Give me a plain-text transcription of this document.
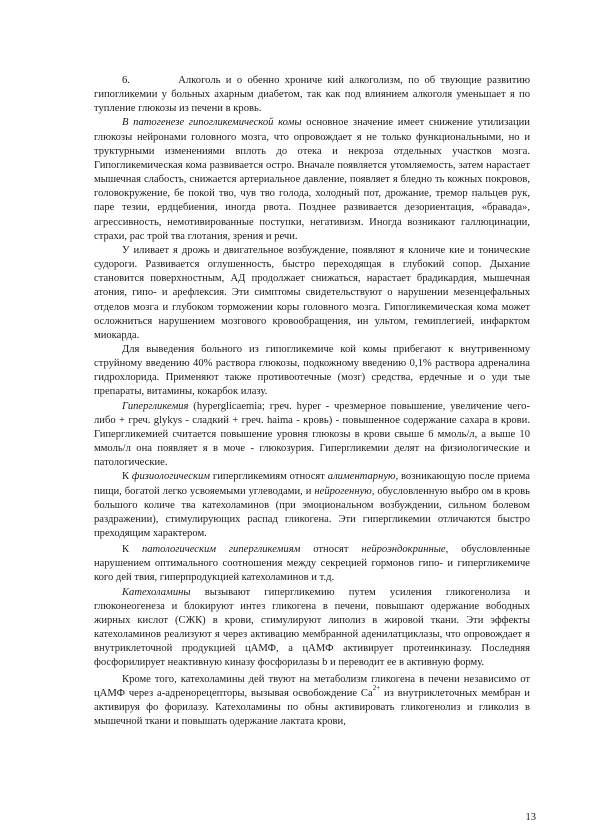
6.         Алкоголь и о обенно хрониче кий алкоголизм, по об твующие развитию гипогликемии у больных ахарным диабетом, так как под влиянием алкоголя уменьшает я по тупление глюкозы из печени в кровь.

В патогенезе гипогликемической комы основное значение имеет снижение утилизации глюкозы нейронами головного мозга, что опровождает я не только функциональными, но и труктурными изменениями вплоть до отека и некроза отдельных участков мозга. Гипогликемическая кома развивается остро. Вначале появляется утомляемость, затем нарастает мышечная слабость, снижается артериальное давление, появляет я бледно ть кожных покровов, головокружение, бе покой тво, чув тво голода, холодный пот, дрожание, тремор пальцев рук, паре тезии, ердцебиения, иногда рвота. Позднее развивается дезориентация, «бравада», агрессивность, немотивированные поступки, негативизм. Иногда возникают галлюцинации, страхи, рас трой тва глотания, зрения и речи.

У иливаeт я дрожь и двигательное возбуждение, появляют я клониче кие и тонические судороги. Развивается оглушенность, быстро переходящая в глубокий сопор. Дыхание становится поверхностным, АД продолжает снижаться, нарастает брадикардия, мышечная атония, гипо- и арефлексия. Эти симптомы свидетельствуют о нарушении мезенцефальных отделов мозга и глубоком торможении коры головного мозга. Гипогликемическая кома может осложниться нарушением мозгового кровообращения, ин ультом, гемиплегией, инфарктом миокарда.

Для выведения больного из гипогликемиче кой комы прибегают к внутривенному струйному введению 40% раствора глюкозы, подкожному введению 0,1% раствора адреналина гидрохлорида. Применяют также противоотечные (мозг) средства, ердечные и о уди тые препараты, витамины, кокарбок илазу.

Гипергликемия (hyperglicaemia; греч. hyper - чрезмерное повышение, увеличение чего-либо + греч. glykys - сладкий + греч. haima - кровь) - повышенное содержание сахара в крови. Гипергликемией считается повышение уровня глюкозы в крови свыше 6 ммоль/л, а выше 10 ммоль/л она появляет я в моче - глюкозурия. Гипергликемии делят на физиологические и патологические.

К физиологическим гипергликемиям относят алиментарную, возникающую после приема пищи, богатой легко усвояемыми углеводами, и нейрогенную, обусловленную выбро ом в кровь большого количе тва катехоламинов (при эмоциональном возбуждении, сильном болевом раздражении), стимулирующих распад гликогена. Эти гипергликемии отличаются быстро преходящим характером.

К патологическим гипергликемиям относят нейроэндокринные, обусловленные нарушением оптимального соотношения между секрецией гормонов гипо- и гипергликемиче кого дей твия, гиперпродукцией катехоламинов и т.д.

Катехоламины вызывают гипергликемию путем усиления гликогенолиза и глюконеогенеза и блокируют интез гликогена в печени, повышают одержание вободных жирных кислот (СЖК) в крови, стимулируют липолиз в жировой ткани. Эти эффекты катехоламинов реализуют я через активацию мембранной аденилатциклазы, что опровождает я внутриклеточной продукцией цАМФ, а цАМФ активирует протеинкиназу. Последняя фосфорилирует неактивную киназу фосфорилазы b и переводит ее в активную форму.

Кроме того, катехоламины дей твуют на метаболизм гликогена в печени независимо от цАМФ через а-адренорецепторы, вызывая освобождение $Ca^{2+}$ из внутриклеточных мембран и активируя фо форилазу. Катехоламины по обны активировать гликогенолиз и гликолиз в мышечной ткани и повышать одержание лактата крови,

13
